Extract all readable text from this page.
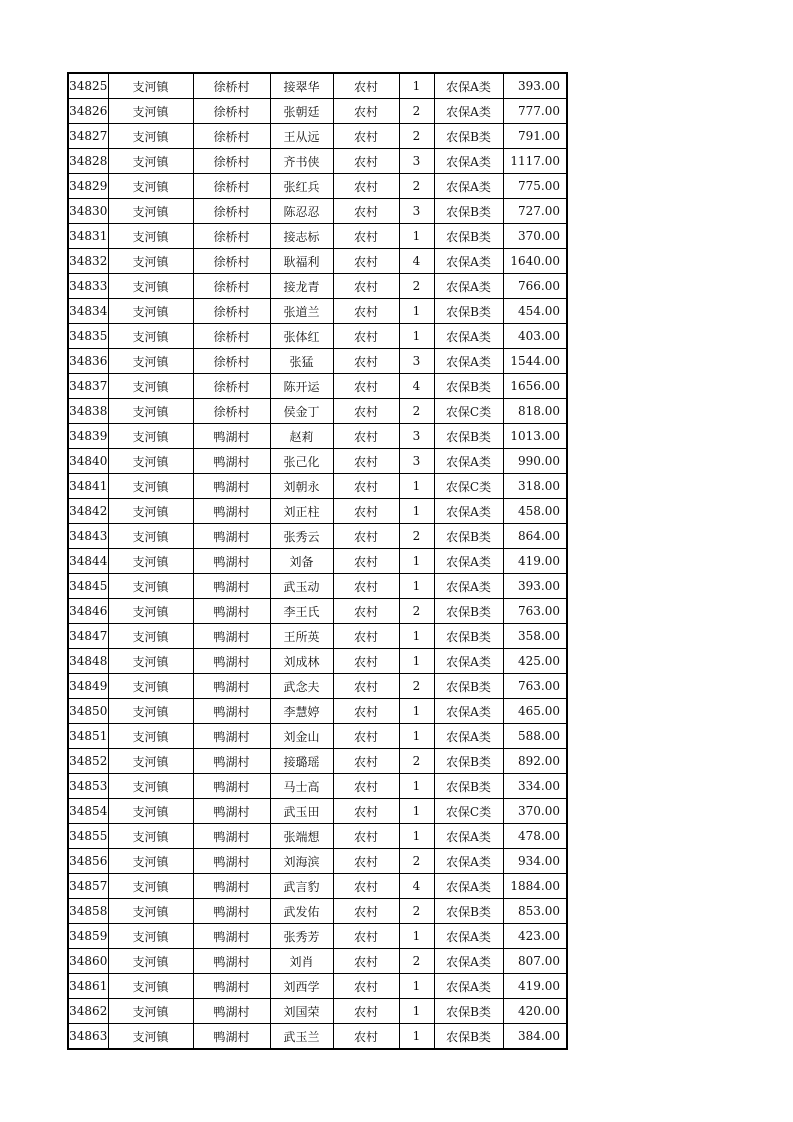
34825	支河镇	徐桥村	接翠华	农村	1	农保A类	393.00
34826	支河镇	徐桥村	张朝廷	农村	2	农保A类	777.00
34827	支河镇	徐桥村	王从远	农村	2	农保B类	791.00
34828	支河镇	徐桥村	齐书侠	农村	3	农保A类	1117.00
34829	支河镇	徐桥村	张红兵	农村	2	农保A类	775.00
34830	支河镇	徐桥村	陈忍忍	农村	3	农保B类	727.00
34831	支河镇	徐桥村	接志标	农村	1	农保B类	370.00
34832	支河镇	徐桥村	耿福利	农村	4	农保A类	1640.00
34833	支河镇	徐桥村	接龙青	农村	2	农保A类	766.00
34834	支河镇	徐桥村	张道兰	农村	1	农保B类	454.00
34835	支河镇	徐桥村	张体红	农村	1	农保A类	403.00
34836	支河镇	徐桥村	张猛	农村	3	农保A类	1544.00
34837	支河镇	徐桥村	陈开运	农村	4	农保B类	1656.00
34838	支河镇	徐桥村	侯金丁	农村	2	农保C类	818.00
34839	支河镇	鸭湖村	赵莉	农村	3	农保B类	1013.00
34840	支河镇	鸭湖村	张己化	农村	3	农保A类	990.00
34841	支河镇	鸭湖村	刘朝永	农村	1	农保C类	318.00
34842	支河镇	鸭湖村	刘正柱	农村	1	农保A类	458.00
34843	支河镇	鸭湖村	张秀云	农村	2	农保B类	864.00
34844	支河镇	鸭湖村	刘备	农村	1	农保A类	419.00
34845	支河镇	鸭湖村	武玉动	农村	1	农保A类	393.00
34846	支河镇	鸭湖村	李王氏	农村	2	农保B类	763.00
34847	支河镇	鸭湖村	王所英	农村	1	农保B类	358.00
34848	支河镇	鸭湖村	刘成林	农村	1	农保A类	425.00
34849	支河镇	鸭湖村	武念夫	农村	2	农保B类	763.00
34850	支河镇	鸭湖村	李慧婷	农村	1	农保A类	465.00
34851	支河镇	鸭湖村	刘金山	农村	1	农保A类	588.00
34852	支河镇	鸭湖村	接璐瑶	农村	2	农保B类	892.00
34853	支河镇	鸭湖村	马士高	农村	1	农保B类	334.00
34854	支河镇	鸭湖村	武玉田	农村	1	农保C类	370.00
34855	支河镇	鸭湖村	张端想	农村	1	农保A类	478.00
34856	支河镇	鸭湖村	刘海滨	农村	2	农保A类	934.00
34857	支河镇	鸭湖村	武言豹	农村	4	农保A类	1884.00
34858	支河镇	鸭湖村	武发佑	农村	2	农保B类	853.00
34859	支河镇	鸭湖村	张秀芳	农村	1	农保A类	423.00
34860	支河镇	鸭湖村	刘肖	农村	2	农保A类	807.00
34861	支河镇	鸭湖村	刘西学	农村	1	农保A类	419.00
34862	支河镇	鸭湖村	刘国荣	农村	1	农保B类	420.00
34863	支河镇	鸭湖村	武玉兰	农村	1	农保B类	384.00
